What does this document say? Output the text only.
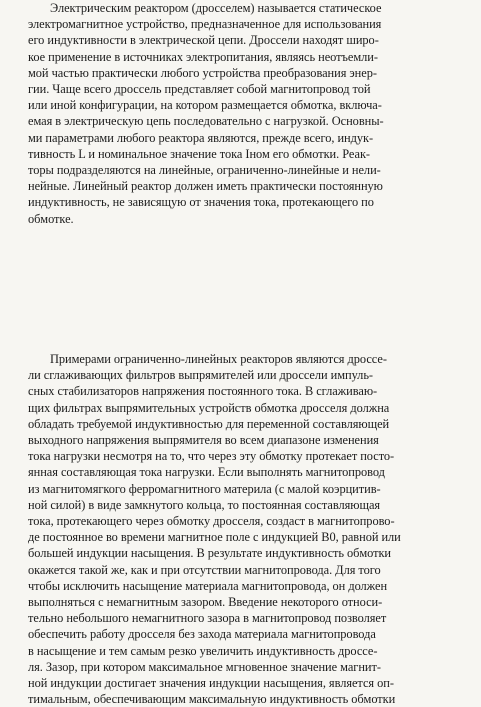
Электрическим реактором (дросселем) называется статическое
электромагнитное устройство, предназначенное для использования
его индуктивности в электрической цепи. Дроссели находят широ-
кое применение в источниках электропитания, являясь неотъемли-
мой частью практически любого устройства преобразования энер-
гии. Чаще всего дроссель представляет собой магнитопровод той
или иной конфигурации, на котором размещается обмотка, включа-
емая в электрическую цепь последовательно с нагрузкой. Основны-
ми параметрами любого реактора являются, прежде всего, индук-
тивность L и номинальное значение тока Iном его обмотки. Реак-
торы подразделяются на линейные, ограниченно-линейные и нели-
нейные. Линейный реактор должен иметь практически постоянную
индуктивность, не зависящую от значения тока, протекающего по
обмотке.

Примерами ограниченно-линейных реакторов являются дроссе-
ли сглаживающих фильтров выпрямителей или дроссели импуль-
сных стабилизаторов напряжения постоянного тока. В сглаживаю-
щих фильтрах выпрямительных устройств обмотка дросселя должна
обладать требуемой индуктивностью для переменной составляющей
выходного напряжения выпрямителя во всем диапазоне изменения
тока нагрузки несмотря на то, что через эту обмотку протекает посто-
янная составляющая тока нагрузки. Если выполнять магнитопровод
из магнитомягкого ферромагнитного материла (с малой коэрцитив-
ной силой) в виде замкнутого кольца, то постоянная составляющая
тока, протекающего через обмотку дросселя, создаст в магнитопрово-
де постоянное во времени магнитное поле с индукцией B0, равной или
большей индукции насыщения. В результате индуктивность обмотки
окажется такой же, как и при отсутствии магнитопровода. Для того
чтобы исключить насыщение материала магнитопровода, он должен
выполняться с немагнитным зазором. Введение некоторого относи-
тельно небольшого немагнитного зазора в магнитопровод позволяет
обеспечить работу дросселя без захода материала магнитопровода
в насыщение и тем самым резко увеличить индуктивность дроссе-
ля. Зазор, при котором максимальное мгновенное значение магнит-
ной индукции достигает значения индукции насыщения, является оп-
тимальным, обеспечивающим максимальную индуктивность обмотки
